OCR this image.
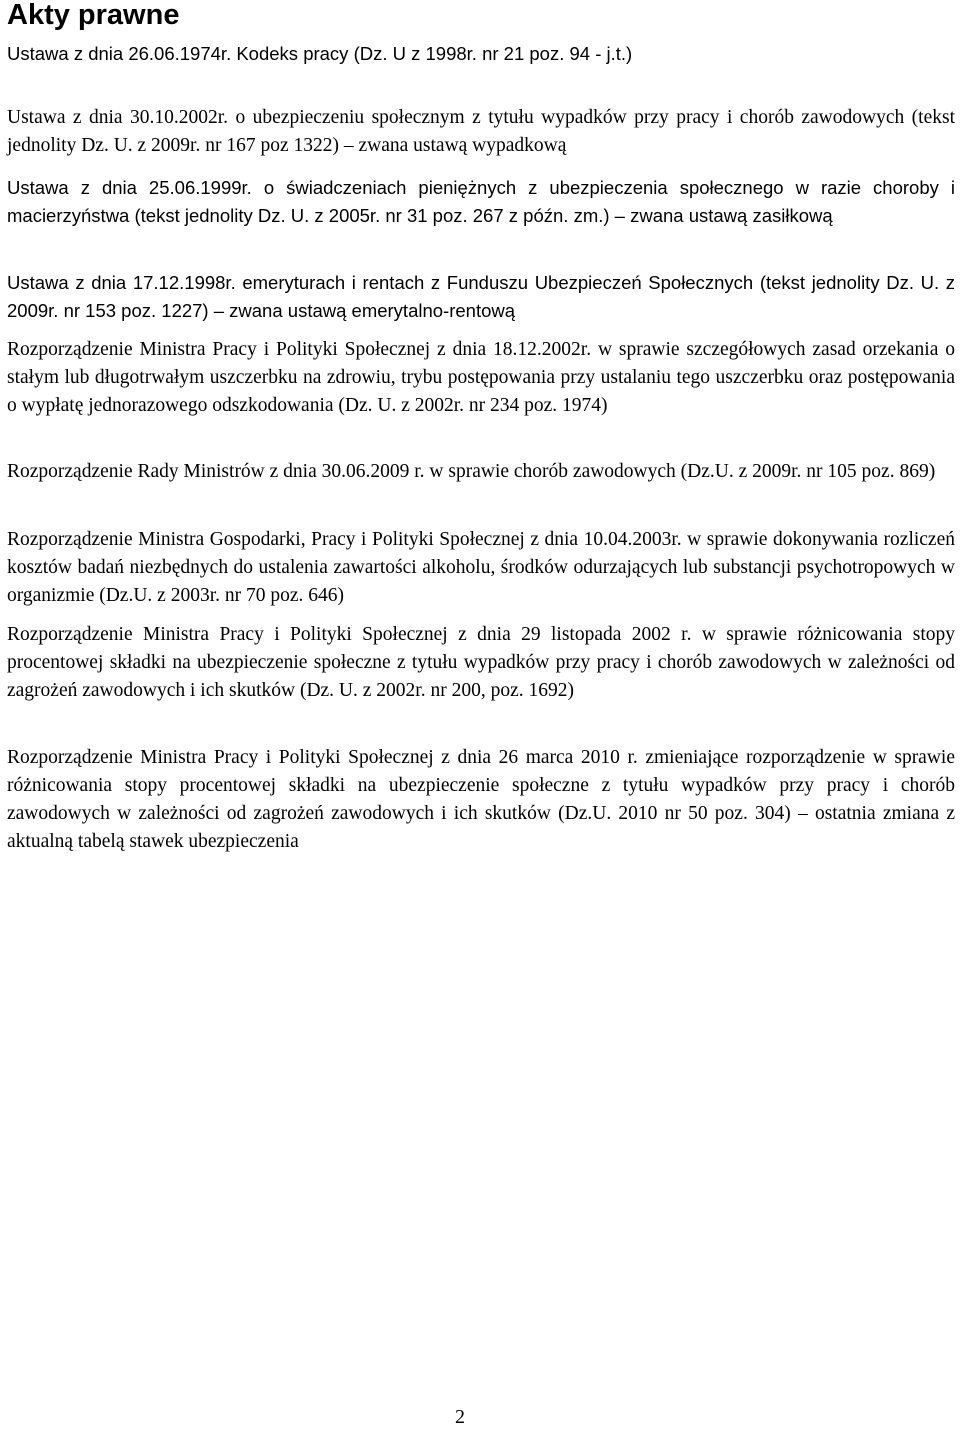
Akty prawne

Ustawa z dnia 26.06.1974r. Kodeks pracy (Dz. U z 1998r. nr 21 poz. 94 - j.t.)

Ustawa z dnia 30.10.2002r. o ubezpieczeniu społecznym z tytułu wypadków przy pracy i chorób zawodowych (tekst jednolity Dz. U. z 2009r. nr 167 poz 1322) – zwana ustawą wypadkową

Ustawa z dnia 25.06.1999r. o świadczeniach pieniężnych z ubezpieczenia społecznego w razie choroby i macierzyństwa (tekst jednolity Dz. U. z 2005r. nr 31 poz. 267 z późn. zm.) – zwana ustawą zasiłkową

Ustawa z dnia 17.12.1998r. emeryturach i rentach z Funduszu Ubezpieczeń Społecznych (tekst jednolity Dz. U. z 2009r. nr 153 poz. 1227) – zwana ustawą emerytalno-rentową

Rozporządzenie Ministra Pracy i Polityki Społecznej z dnia 18.12.2002r. w sprawie szczegółowych zasad orzekania o stałym lub długotrwałym uszczerbku na zdrowiu, trybu postępowania przy ustalaniu tego uszczerbku oraz postępowania o wypłatę jednorazowego odszkodowania (Dz. U. z 2002r. nr 234 poz. 1974)

Rozporządzenie Rady Ministrów z dnia 30.06.2009 r. w sprawie chorób zawodowych (Dz.U. z 2009r. nr 105 poz. 869)

Rozporządzenie Ministra Gospodarki, Pracy i Polityki Społecznej z dnia 10.04.2003r. w sprawie dokonywania rozliczeń kosztów badań niezbędnych do ustalenia zawartości alkoholu, środków odurzających lub substancji psychotropowych w organizmie (Dz.U. z 2003r. nr 70 poz. 646)

Rozporządzenie Ministra Pracy i Polityki Społecznej z dnia 29 listopada 2002 r. w sprawie różnicowania stopy procentowej składki na ubezpieczenie społeczne z tytułu wypadków przy pracy i chorób zawodowych w zależności od zagrożeń zawodowych i ich skutków (Dz. U. z 2002r. nr 200, poz. 1692)

Rozporządzenie Ministra Pracy i Polityki Społecznej z dnia 26 marca 2010 r. zmieniające rozporządzenie w sprawie różnicowania stopy procentowej składki na ubezpieczenie społeczne z tytułu wypadków przy pracy i chorób zawodowych w zależności od zagrożeń zawodowych i ich skutków (Dz.U. 2010 nr 50 poz. 304) – ostatnia zmiana z aktualną tabelą stawek ubezpieczenia

2
